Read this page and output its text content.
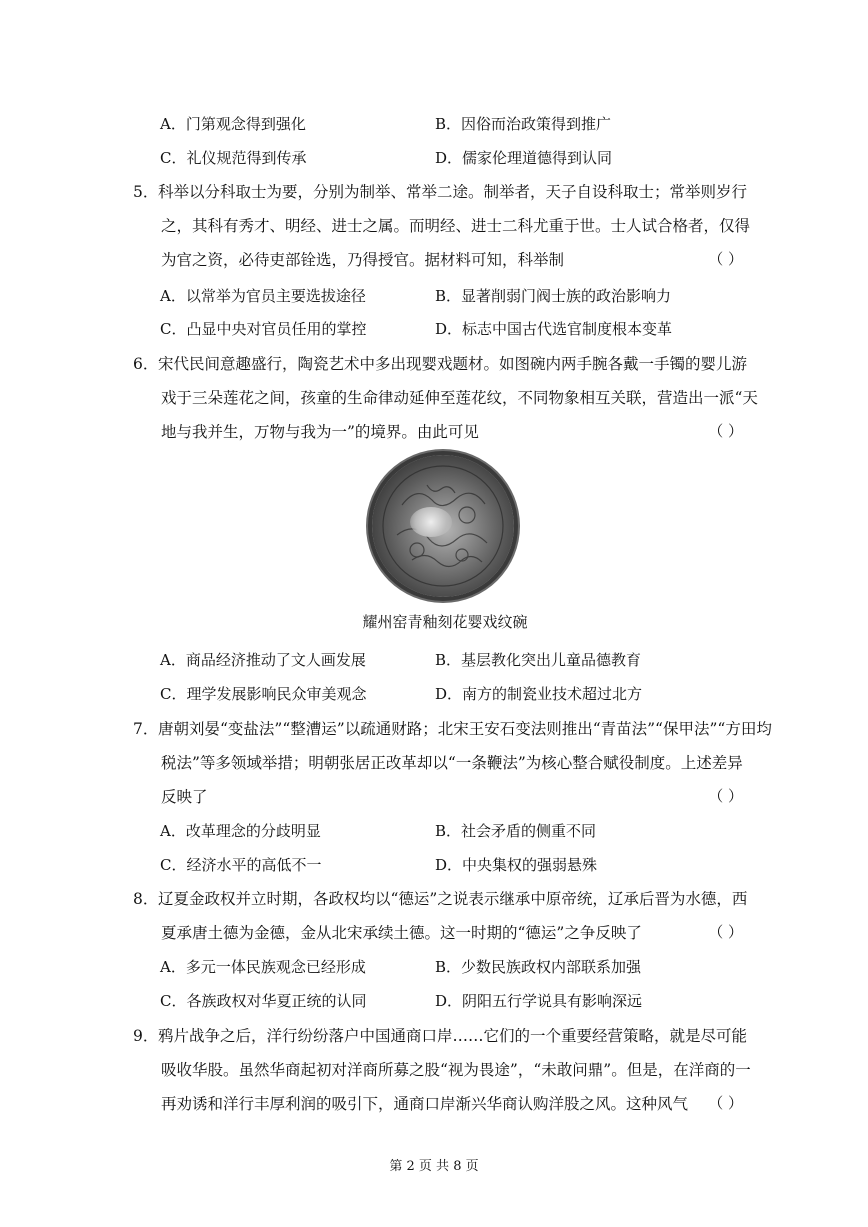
A．门第观念得到强化	B．因俗而治政策得到推广
C．礼仪规范得到传承	D．儒家伦理道德得到认同
5． 科举以分科取士为要，分别为制举、常举二途。制举者，天子自设科取士；常举则岁行
之，其科有秀才、明经、进士之属。而明经、进士二科尤重于世。士人试合格者，仅得
为官之资，必待吏部铨选，乃得授官。据材料可知，科举制	（ ）
A．以常举为官员主要选拔途径	B．显著削弱门阀士族的政治影响力
C．凸显中央对官员任用的掌控	D．标志中国古代选官制度根本变革
6． 宋代民间意趣盛行，陶瓷艺术中多出现婴戏题材。如图碗内两手腕各戴一手镯的婴儿游
戏于三朵莲花之间，孩童的生命律动延伸至莲花纹，不同物象相互关联，营造出一派“天
地与我并生，万物与我为一”的境界。由此可见	（ ）
耀州窑青釉刻花婴戏纹碗
A．商品经济推动了文人画发展	B．基层教化突出儿童品德教育
C．理学发展影响民众审美观念	D．南方的制瓷业技术超过北方
7． 唐朝刘晏“变盐法”“整漕运”以疏通财路；北宋王安石变法则推出“青苗法”“保甲法”“方田均
税法”等多领域举措；明朝张居正改革却以“一条鞭法”为核心整合赋役制度。上述差异
反映了	（ ）
A．改革理念的分歧明显	B．社会矛盾的侧重不同
C．经济水平的高低不一	D．中央集权的强弱悬殊
8． 辽夏金政权并立时期，各政权均以“德运”之说表示继承中原帝统，辽承后晋为水德，西
夏承唐土德为金德，金从北宋承续土德。这一时期的“德运”之争反映了	（ ）
A．多元一体民族观念已经形成	B．少数民族政权内部联系加强
C．各族政权对华夏正统的认同	D．阴阳五行学说具有影响深远
9． 鸦片战争之后，洋行纷纷落户中国通商口岸……它们的一个重要经营策略，就是尽可能
吸收华股。虽然华商起初对洋商所募之股“视为畏途”，“未敢问鼎”。但是，在洋商的一
再劝诱和洋行丰厚利润的吸引下，通商口岸渐兴华商认购洋股之风。这种风气 （ ）
第 2 页 共 8 页
